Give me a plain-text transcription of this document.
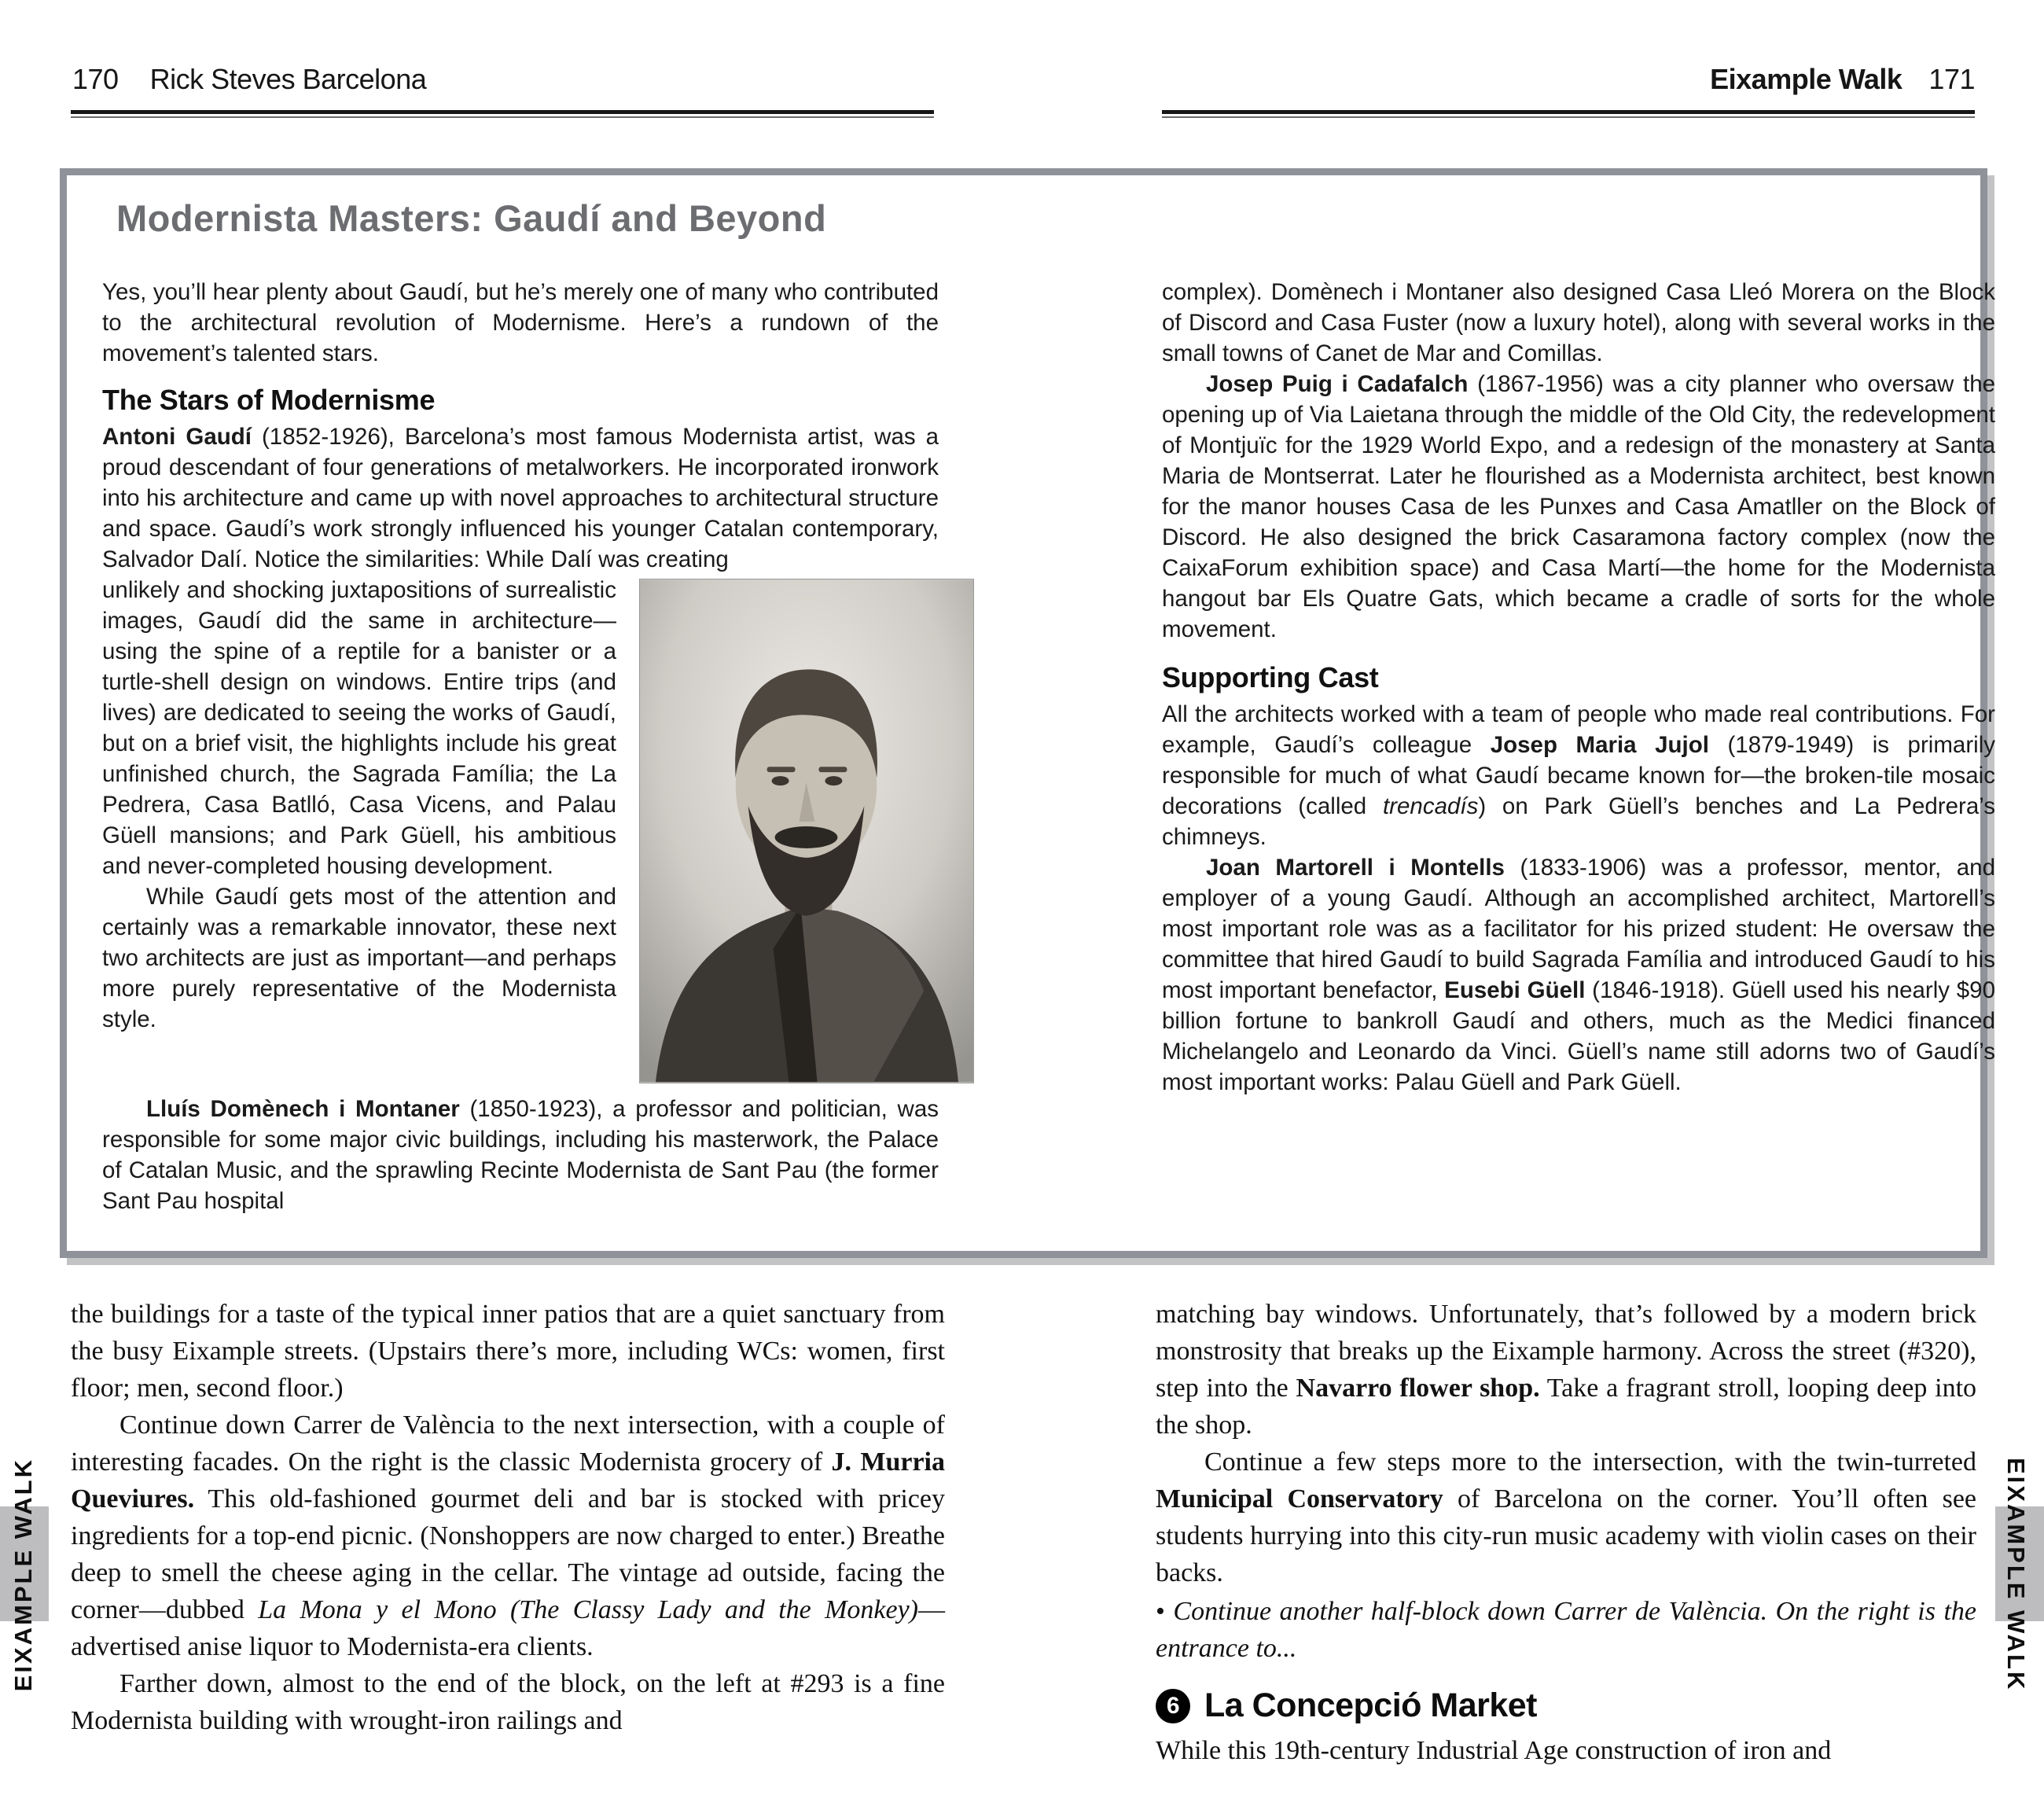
170 Rick Steves Barcelona	Eixample Walk 171
Modernista Masters: Gaudí and Beyond

Yes, you’ll hear plenty about Gaudí, but he’s merely one of many who contributed to the architectural revolution of Modernisme. Here’s a rundown of the movement’s talented stars.

The Stars of Modernisme

Antoni Gaudí (1852-1926), Barcelona’s most famous Modernista artist, was a proud descendant of four generations of metalworkers. He incorporated ironwork into his architecture and came up with novel approaches to architectural structure and space. Gaudí’s work strongly influenced his younger Catalan contemporary, Salvador Dalí. Notice the similarities: While Dalí was creating

unlikely and shocking juxtapositions of surrealistic images, Gaudí did the same in architecture—using the spine of a reptile for a banister or a turtle-shell design on windows. Entire trips (and lives) are dedicated to seeing the works of Gaudí, but on a brief visit, the highlights include his great unfinished church, the Sagrada Família; the La Pedrera, Casa Batlló, Casa Vicens, and Palau Güell mansions; and Park Güell, his ambitious and never-completed housing development.

While Gaudí gets most of the attention and certainly was a remarkable innovator, these next two architects are just as important—and perhaps more purely representative of the Modernista style.

Lluís Domènech i Montaner (1850-1923), a professor and politician, was responsible for some major civic buildings, including his masterwork, the Palace of Catalan Music, and the sprawling Recinte Modernista de Sant Pau (the former Sant Pau hospital

complex). Domènech i Montaner also designed Casa Lleó Morera on the Block of Discord and Casa Fuster (now a luxury hotel), along with several works in the small towns of Canet de Mar and Comillas.

Josep Puig i Cadafalch (1867-1956) was a city planner who oversaw the opening up of Via Laietana through the middle of the Old City, the redevelopment of Montjuïc for the 1929 World Expo, and a redesign of the monastery at Santa Maria de Montserrat. Later he flourished as a Modernista architect, best known for the manor houses Casa de les Punxes and Casa Amatller on the Block of Discord. He also designed the brick Casaramona factory complex (now the CaixaForum exhibition space) and Casa Martí—the home for the Modernista hangout bar Els Quatre Gats, which became a cradle of sorts for the whole movement.

Supporting Cast

All the architects worked with a team of people who made real contributions. For example, Gaudí’s colleague Josep Maria Jujol (1879-1949) is primarily responsible for much of what Gaudí became known for—the broken-tile mosaic decorations (called trencadís) on Park Güell’s benches and La Pedrera’s chimneys.

Joan Martorell i Montells (1833-1906) was a professor, mentor, and employer of a young Gaudí. Although an accomplished architect, Martorell’s most important role was as a facilitator for his prized student: He oversaw the committee that hired Gaudí to build Sagrada Família and introduced Gaudí to his most important benefactor, Eusebi Güell (1846-1918). Güell used his nearly $90 billion fortune to bankroll Gaudí and others, much as the Medici financed Michelangelo and Leonardo da Vinci. Güell’s name still adorns two of Gaudí’s most important works: Palau Güell and Park Güell.

the buildings for a taste of the typical inner patios that are a quiet sanctuary from the busy Eixample streets. (Upstairs there’s more, including WCs: women, first floor; men, second floor.)

Continue down Carrer de València to the next intersection, with a couple of interesting facades. On the right is the classic Modernista grocery of J. Murria Queviures. This old-fashioned gourmet deli and bar is stocked with pricey ingredients for a top-end picnic. (Nonshoppers are now charged to enter.) Breathe deep to smell the cheese aging in the cellar. The vintage ad outside, facing the corner—dubbed La Mona y el Mono (The Classy Lady and the Monkey)—advertised anise liquor to Modernista-era clients.

Farther down, almost to the end of the block, on the left at #293 is a fine Modernista building with wrought-iron railings and

matching bay windows. Unfortunately, that’s followed by a modern brick monstrosity that breaks up the Eixample harmony. Across the street (#320), step into the Navarro flower shop. Take a fragrant stroll, looping deep into the shop.

Continue a few steps more to the intersection, with the twin-turreted Municipal Conservatory of Barcelona on the corner. You’ll often see students hurrying into this city-run music academy with violin cases on their backs.

• Continue another half-block down Carrer de València. On the right is the entrance to...

6 La Concepció Market

While this 19th-century Industrial Age construction of iron and

EIXAMPLE WALK	EIXAMPLE WALK
